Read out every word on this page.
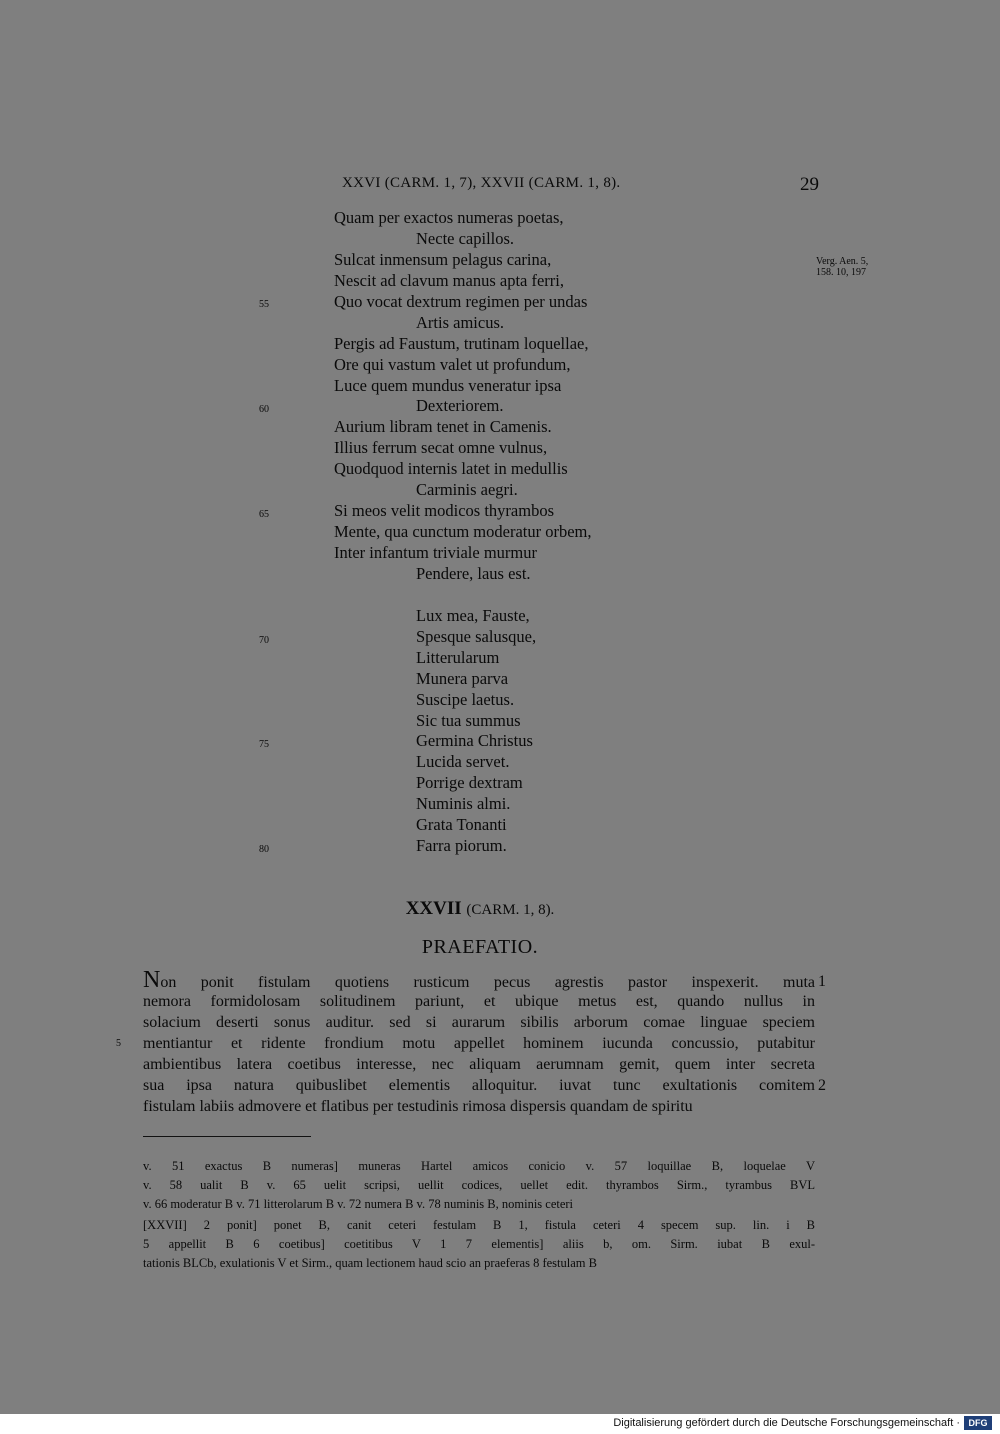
XXVI (CARM. 1, 7), XXVII (CARM. 1, 8).	29
Quam per exactos numeras poetas,
Necte capillos.
Sulcat inmensum pelagus carina,
Nescit ad clavum manus apta ferri,
Quo vocat dextrum regimen per undas
Artis amicus.
Pergis ad Faustum, trutinam loquellae,
Ore qui vastum valet ut profundum,
Luce quem mundus veneratur ipsa
Dexteriorem.
Aurium libram tenet in Camenis.
Illius ferrum secat omne vulnus,
Quodquod internis latet in medullis
Carminis aegri.
Si meos velit modicos thyrambos
Mente, qua cunctum moderatur orbem,
Inter infantum triviale murmur
Pendere, laus est.
Lux mea, Fauste,
Spesque salusque,
Litterularum
Munera parva
Suscipe laetus.
Sic tua summus
Germina Christus
Lucida servet.
Porrige dextram
Numinis almi.
Grata Tonanti
Farra piorum.
55
60
65
70
75
80
Verg. Aen. 5,
158. 10, 197
XXVII (CARM. 1, 8).
PRAEFATIO.
Non ponit fistulam quotiens rusticum pecus agrestis pastor inspexerit. muta
nemora formidolosam solitudinem pariunt, et ubique metus est, quando nullus in
solacium deserti sonus auditur. sed si aurarum sibilis arborum comae linguae speciem
mentiantur et ridente frondium motu appellet hominem iucunda concussio, putabitur
ambientibus latera coetibus interesse, nec aliquam aerumnam gemit, quem inter secreta
sua ipsa natura quibuslibet elementis alloquitur. iuvat tunc exultationis comitem
fistulam labiis admovere et flatibus per testudinis rimosa dispersis quandam de spiritu
5
1
2
v. 51 exactus B numeras] muneras Hartel amicos conicio v. 57 loquillae B, loquelae V
v. 58 ualit B v. 65 uelit scripsi, uellit codices, uellet edit. thyrambos Sirm., tyrambus BVL
v. 66 moderatur B v. 71 litterolarum B v. 72 numera B v. 78 numinis B, nominis ceteri
[XXVII] 2 ponit] ponet B, canit ceteri festulam B 1, fistula ceteri 4 specem sup. lin. i B
5 appellit B 6 coetibus] coetitibus V 1 7 elementis] aliis b, om. Sirm. iubat B exul-
tationis BLCb, exulationis V et Sirm., quam lectionem haud scio an praeferas 8 festulam B
Digitalisierung gefördert durch die Deutsche Forschungsgemeinschaft · DFG
